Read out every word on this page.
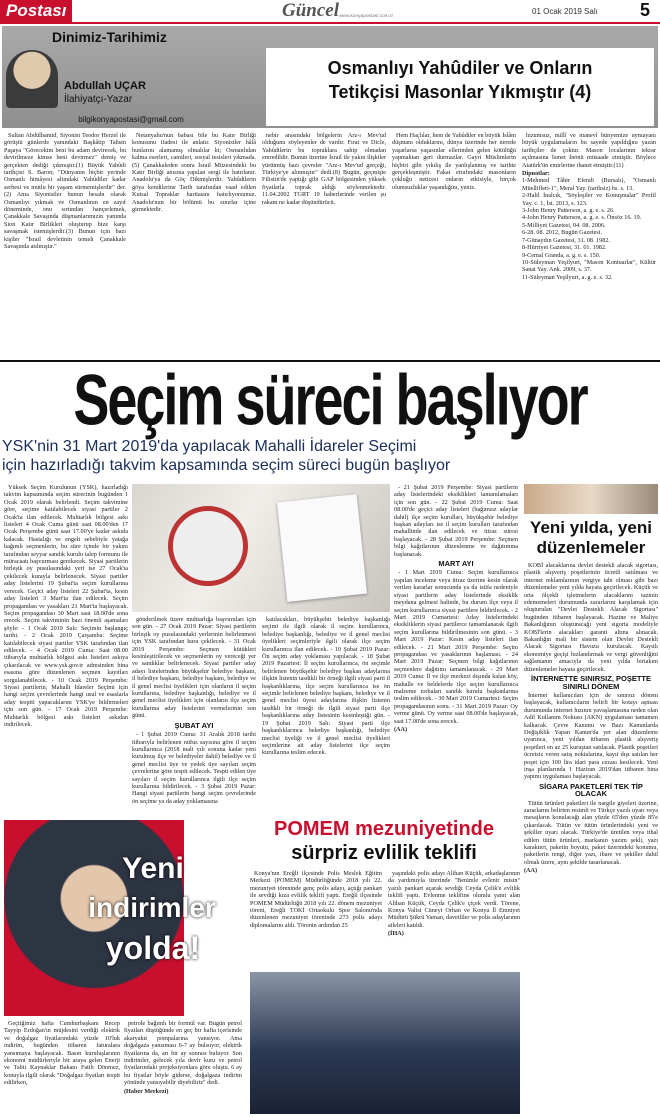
Postası	Güncel	01 Ocak 2019 Salı 5
www.konyapostasi.com.tr
Dinimiz-Tarihimiz
Abdullah UÇAR
İlahiyatçı-Yazar
bilgikonyapostasi@gmail.com
Osmanlıyı Yahûdiler ve Onların
Tetikçisi Masonlar Yıkmıştır (4)

Sultan Abdülhamid, Siyonist Teodor Herzel ile görüştü günlerde yanındaki Başkâtip Tahsin Paşaya "Görecekim beni bu adam devirecek, bu devirilmeze kimse beni devirmez" demiş ve gerçekten dediği çıkmıştır.(1) Büyük Yahûdi tarihçisi S. Baron; "Dünyanın hiçbir yerinde Osmanlı himâyesi altındaki Yahûdiler kadar serbest ve mutlu bir yaşam sürmemişlerdir" der.(2) Ama Siyonistler bunun hesabı olarak Osmanlıyı yıkmak ve Osmanlının en zayıf döneminde, onu sırtından hançerlemek, Çanakkale Savaşında düşmanlarımızın yanında Sion Katır Birlikleri oluşturup bize karşı savaşmak istemişlerdir.(3) Bunun için bazı kişiler "İsrail devletinin temeli Çanakkale Savaşında atılmıştır."

Netanyahu'nun babası bile bu Katır Birliği konusunu ifadesi ile anlatır. Siyonistler hâlâ hunlarını alamamış olmalılar ki; Osmanlıdan kalma eserleri, camileri, sosyal tesisleri yıkmada.(5) Çanakkaleden sonra İsrail Müzesindeki bu Katır Birliği anısına yapılan sergi ile hatırlanır. Anadolu'ya da Göç Dikmişlerdir. Yahûdilerin göya kendilerine Tarih tarafından vaad edilen Kutsal Topraklar haritasını hatırlıyorsunuz. Anadolu'nun bir bölümü bu sınırlar içine girmektedir.

nebir arasındaki bölgelerin Arz-ı Mev'ud olduğunu söyleyenler de vardır. Fırat ve Dicle, Yahûdilerin bu topraklara sahip olmadan emredildir. Bunun üzerine İsrail ile yakın ilişkiler yürütmüş bazı çevreler "Arz-ı Mev'ud gerçeği, Türkiye'ye alınmıştır" dedi.(8) Bugün, geçmişte Filistin'de yaptığı gibi GAP bölgesinden yüksek fiyatlarla toprak aldığı söylenmektedir. 11.04.2002 TGRT 19 haberlerinde verilen şu rakam ne kadar düşündürücü.

Hem Haçlılar, hem de Yahûdiler en büyük İslâm düşmanı olduklarını, dünya üzerinde her nerede yaşarlarsa yaşasınlar ellerinden gelen kötülüğü yapmaktan geri durmazlar. Gayri Müslimlerin hiçbiri gibi yıkılış ile yanlışlanmış ve tarihte gerçekleşmiştir. Fakat etrafındaki masonların çokluğu neticesi onların etkisiyle, birçok olumsuzluklar yaşandığını, yeniz.

hizumsuz, millî ve manevî bünyemize uymayanı büyük uygulamaların bu sayede yapıldığını yazan tarihçiler de çoktur. Mason localarının tekrar açılmasına İsmet İnönü müsaade etmiştir. Böylece Atatürk'ün emirlerine ihanet etmiştir.(11)

Dipnotlar:
1-Mehmed Tâhir Efendi (Bursalı), "Osmanlı Müellifleri-1", Meral Yay. (tarihsiz) bs. s. 13.
2-Halil İnalcık, "Söyleşiler ve Konuşmalar" Profil Yay. c. 1, İst. 2013, s. 123.
3-John Henry Patterson, a. g. e. s. 26.
4-John Henry Patterson, a. g. e. s. Önsöz 16. 19.
5-Milliyet Gazetesi, 04. 08. 2006.
6-28. 08. 2012, Bugün Gazetesi.
7-Günaydın Gazetesi, 31. 08. 1982.
8-Hürriyet Gazetesi, 31. 01. 1982.
9-Cemal Granda, a. g. e. s. 150.
10-Süleyman Yeşilyurt, "Mason Kontuarlar", Kültür Sanat Yay. Ank. 2009, s. 37.
11-Süleyman Yeşilyurt, a. g. e. s. 32.
Seçim süreci başlıyor
YSK'nin 31 Mart 2019'da yapılacak Mahalli İdareler Seçimi
için hazırladığı takvim kapsamında seçim süreci bugün başlıyor

Yüksek Seçim Kurulunun (YSK), hazırladığı takvim kapsamında seçim sürecinin bugünden 1 Ocak 2019 olarak belirlendi. Seçim takvimine göre, seçime katılabilecek siyasi partiler 2 Ocak'ta ilan edilecek. Muhtarlık bölgesi askı listeleri 4 Ocak Cuma günü saat 08.00'den 17 Ocak Perşembe günü saat 17.00'ye kadar askıda kalacak. Hastalığı ve engeli sebebiyle yatağa bağımlı seçmenlerin, bu süre içinde bir yakını tarafından seyyar sandık kurulu talep formunu ile müracaatı başvurması gerekecek. Siyasi partilerin birleşik oy pusulasındaki yeri ise 27 Ocak'ta çekilecek kurayla belirlenecek. Siyasi partiler aday listelerini 19 Şubat'ta seçim kurullarına verecek. Geçici aday listeleri 22 Şubat'ta, kesin aday listeleri 3 Mart'ta ilan edilecek. Seçim propagandası ve yasakları 21 Mart'ta başlayacak. Seçim propagandası 30 Mart saat 18.00'de sona erecek. Seçim takviminin bazı önemli aşamaları şöyle: - 1 Ocak 2019 Salı: Seçimin başlangıç tarihi. - 2 Ocak 2019 Çarşamba: Seçime katılabilecek siyasi partiler YSK tarafından ilan edilecek. - 4 Ocak 2019 Cuma: Saat 08.00 itibarıyla muhtarlık bölgesi askı listeleri askıya çıkarılacak ve www.ysk.gov.tr adresinden bina esasına göre düzenlenen seçmen kayıtları sorgulanabilecek. - 10 Ocak 2019 Perşembe: Siyasi partilerin, Mahalli İdareler Seçimi için hangi seçim çevrelerinde hangi usul ve esaslarla aday tespiti yapacaklarını YSK'ye bildirmeleri için son gün. - 17 Ocak 2019 Perşembe: Muhtarlık bölgesi askı listeleri askıdan indirilecek.

gönderilmek üzere muhtarlığa başvuruları için son gün. - 27 Ocak 2019 Pazar: Siyasi partilerin birleşik oy pusulasındaki yerlerinin belirlenmesi için YSK tarafından kura çekilecek. - 31 Ocak 2019 Perşembe: Seçmen kütükleri kesinleştirilecek ve seçmenlerin oy vereceği yer ve sandıklar belirlenecek. Siyasi partiler aday adayı listelerinden büyükşehir belediye başkanı, il belediye başkanı, belediye başkanı, belediye ve il genel meclisi üyelikleri için olanların il seçim kurullarına, belediye başkanlığı, belediye ve il genel meclisi üyelikleri için olanların ilçe seçim kurullarına aday listelerini vermelerinin son günü.

ŞUBAT AYI

- 1 Şubat 2019 Cuma: 31 Aralık 2018 tarihi itibarıyla belirlenen nüfus sayısına göre il seçim kurullarınca (2018 mali yılı sonuna kadar yeni kurulmuş ilçe ve belediyeler dahil) belediye ve il genel meclisi üye ve yedek üye sayıları seçim çevrelerine göre tespit edilecek. Tespit edilen üye sayıları il seçim kurullarınca ilgili ilçe seçim kurullarına bildirilecek. - 3 Şubat 2019 Pazar: Hangi siyasi partilerin hangi seçim çevrelerinde ön seçime ya da aday yoklamasına

katılacakları, büyükşehir belediye başkanlığı seçimi ile ilgili olarak il seçim kurullarınca, belediye başkanlığı, belediye ve il genel meclisi üyelikleri seçimleriyle ilgili olarak ilçe seçim kurullarınca ilan edilecek. - 10 Şubat 2019 Pazar: Ön seçim aday yoklaması yapılacak. - 18 Şubat 2019 Pazartesi: İl seçim kurullarınca, ön seçimle belirlenen büyükşehir belediye başkan adaylarına ilişkin listenin tasdikli bir örneği ilgili siyasi parti il başkanlıklarına, ilçe seçim kurullarınca ise ön seçimle belirlenen belediye başkanı, belediye ve il genel meclisi üyesi adaylarına ilişkin listenin tasdikli bir örneği de ilgili siyasi parti ilçe başkanlıklarına aday listesinin kesinleştiği gün. - 19 Şubat 2019 Salı: Siyasi parti ilçe başkanlıklarınca belediye başkanlığı, belediye meclisi üyeliği ve il genel meclisi üyelikleri seçimlerine ait aday listelerini ilçe seçim kurullarına teslim edecek.

- 21 Şubat 2019 Perşembe: Siyasi partilerin aday listelerindeki eksiklikleri tamamlamaları için son gün. - 22 Şubat 2019 Cuma: Saat 08.00'de geçici aday listeleri (bağımsız adaylar dahil) ilçe seçim kurulları, büyükşehir belediye başkan adayları ise il seçim kurulları tarafından mahallinde ilan edilecek ve itiraz süresi başlayacak. - 28 Şubat 2019 Perşembe: Seçmen bilgi kağıtlarının düzenlenme ve dağıtımına başlanacak.

MART AYI

- 1 Mart 2019 Cuma: Seçim kurullarınca yapılan inceleme veya itiraz üzerine kesin olarak verilen kararlar sonucunda ya da istifa nedeniyle siyasi partilerin aday listelerinde eksiklik meydana gelmesi halinde, bu durum ilçe veya il seçim kurullarınca siyasi partilere bildirilecek. - 2 Mart 2019 Cumartesi: Aday listelerindeki eksikliklerin siyasi partilerce tamamlanarak ilgili seçim kurullarına bildirilmesinin son günü. - 3 Mart 2019 Pazar: Kesin aday listeleri ilan edilecek. - 21 Mart 2019 Perşembe: Seçim propagandası ve yasaklarının başlaması. - 24 Mart 2019 Pazar: Seçmen bilgi kağıtlarının seçmenlere dağıtımı tamamlanacak. - 29 Mart 2019 Cuma: İl ve ilçe merkezi dışında kalan köy, mahalle ve beldelerde ilçe seçim kurullarınca malzeme torbaları sandık kurulu başkanlarına teslim edilecek. - 30 Mart 2019 Cumartesi: Seçim propagandasının sonu. - 31 Mart 2019 Pazar: Oy verme günü. Oy verme saat 08.00'de başlayacak, saat 17.00'de sona erecek.

(AA)
Yeni yılda, yeni
düzenlemeler

KOBİ alacaklarına devlet destekli alacak sigortası, plastik alışveriş poşetlerinin ücretli satılması ve internet reklamlarının vergiye tabi olması gibi bazı düzenlemeler yeni yılda hayata geçirilecek. Küçük ve orta ölçekli işletmelerin alacaklarını tazmin edememeleri durumunda zararlarını karşılamak için oluşturulan "Devlet Destekli Alacak Sigortası" bugünden itibaren başlayacak. Hazine ve Maliye Bakanlığının oluşturacağı yeni sigorta modeliyle KOBİ'lerin alacakları garanti altına alınacak. Bakanlığın mali bir sistem olan Devlet Destekli Alacak Sigortası Havuzu kurulacak. Kayıtlı ekonomiye geçişi hızlandırmak ve vergi güvenliğini sağlamanın amacıyla da yeni yılda birtakım düzenlemeler hayata geçirilecek.

İNTERNETTE SINIRSIZ, POŞETTE SINIRLI DÖNEM

İnternet kullanıcıları için de sınırsız dönem başlayacak, kullanıcıların belirli bir kotayı aşması durumunda internet hızının yavaşlamasına neden olan Adil Kullanım Noktası (AKN) uygulaması tamamen kalkacak. Çevre Kanunu ve Bazı Kanunlarda Değişiklik Yapan Kanun'da yer alan düzenleme uyarınca, yeni yıldan itibaren plastik alışveriş poşetleri en az 25 kuruştan satılacak. Plastik poşetleri ücretsiz veren satış noktalarına, kayıt dışı satılan her poşet için 100 lira idari para cezası kesilecek. Yeni inşa planlarında 1 Haziran 2019'dan itibaren bina yapımı uygulaması başlayacak.

SİGARA PAKETLERİ TEK TİP OLACAK

Tütün ürünleri paketleri ile nargile giyeleri üzerine, zararlarını belirten resimli ve Türkçe yazılı uyarı veya mesajların konulacağı alan yüzde 65'den yüzde 85'e çıkarılacak. Tütün ve tütün ürünlerindeki yeni ve şekiller uyarı olacak. Türkiye'de üretilen veya ithal edilen tütün ürünleri, markanın yazım şekli, yazı karakteri, paketin boyutu, paket üzerindeki konumu, paketlerin rengi, diğer yazı, ibare ve şekiller dahil olmak üzere, aynı şekilde tasarlanacak.

(AA)
Yeni
indirimler
yolda!

Geçtiğimiz hafta Cumhurbaşkanı Recep Tayyip Erdoğan'ın müjdesini verdiği elektrik ve doğalgaz fiyatlarındaki yüzde 10'luk indirim, bugünden itibaren faturalara yansımaya başlayacak. Basın kuruluşlarının ekonomi müdürleriyle bir araya gelen Enerji ve Tabii Kaynaklar Bakanı Fatih Dönmez, konuyla ilgili olarak "Doğalgaz fiyatları tespit edilirken,

petrole bağımlı bir formül var. Bugün petrol fiyatları düştüğünde en geç bir hafta içerisinde akaryakıt pompalarına yansıyor. Ama doğalgaza yansıması 6-7 ay bulsuyor, elektrik fiyatlarına da, arı bir ay sonrası buluyor. Son indirimler, gelecek yıla devir kuru ve petrol fiyatlarındaki projeksiyonlara göre oluştu. 6 ay bu fiyatlar böyle giderse, doğalgaza indirim yönünde yansıyabilir diyebiliriz" dedi.

(Haber Merkezi)
POMEM mezuniyetinde
sürpriz evlilik teklifi

Konya'nın Ereğli ilçesinde Polis Meslek Eğitim Merkezi (POMEM) Müdürlüğünde 2018 yılı 22. mezuniyet töreninde genç polis adayı, açtığı pankart ile sevdiği kıza evlilik teklifi yaptı. Ereğli ilçesinde POMEM Müdürlüğü 2018 yılı 22. dönem mezuniyet töreni, Ereğli TOKİ Ortaokulu Spor Salonu'nda düzenlenen mezuniyet töreninde 273 polis adayı diplomalarını aldı. Törenin ardından 25

yaşındaki polis adayı Alihan Küçük, arkadaşlarının da yardımıyla üzerinde "Benimle evlenir misin" yazılı pankart açarak sevdiği Ceyda Çelik'e evlilik teklifi yaptı. Evlenme teklifine olumlu yanıt alan Alihan Küçük, Ceyda Çelik'e çiçek verdi. Törene, Konya Valisi Cüneyt Orhan ve Konya İl Emniyet Müdürü Şükrü Yaman, davetliler ve polis adaylarının aileleri katıldı.

(İHA)
